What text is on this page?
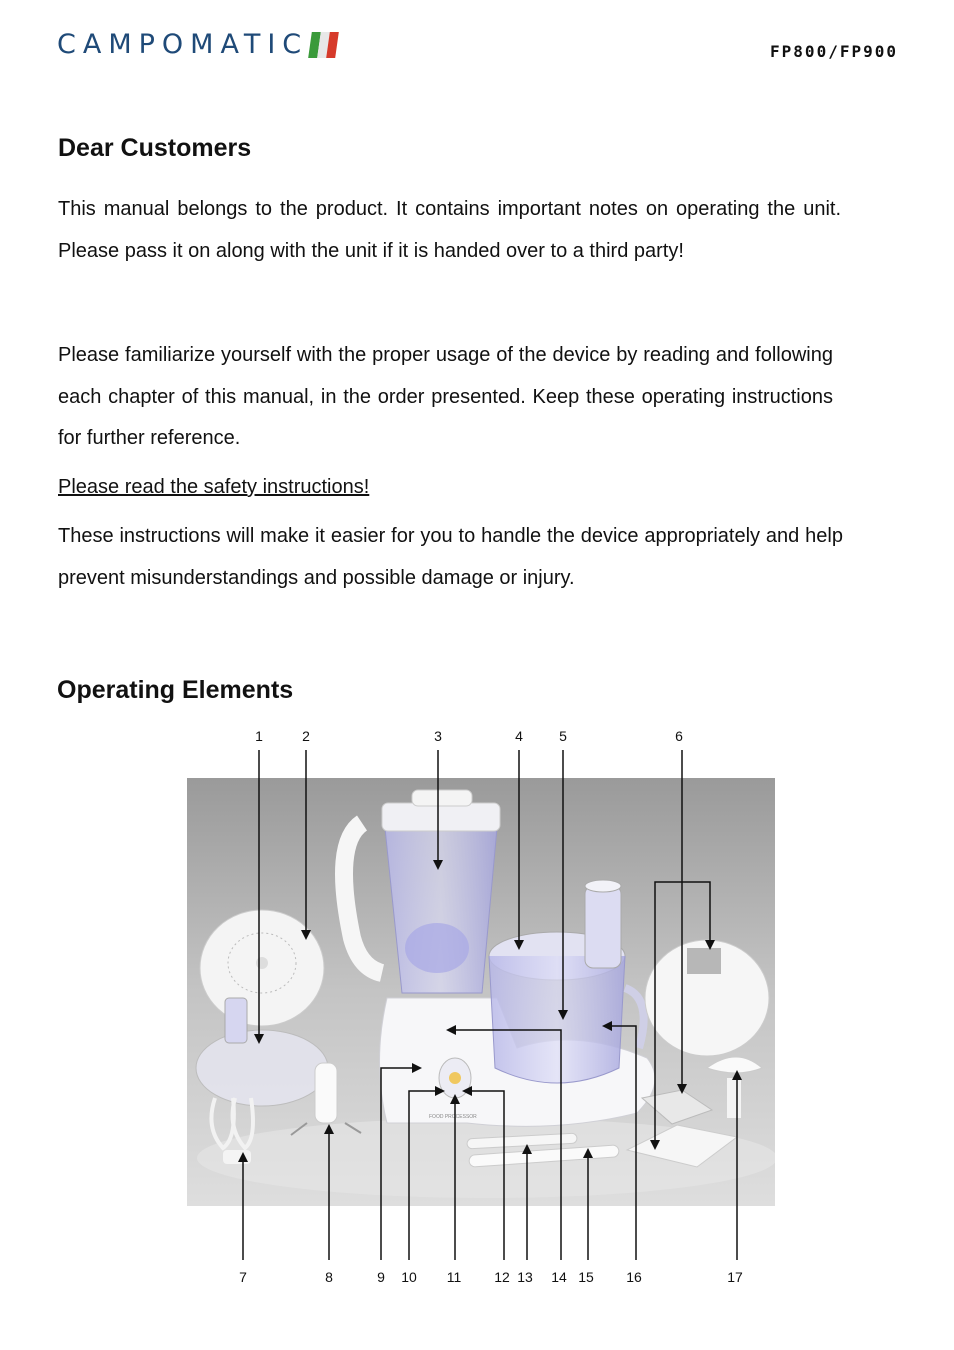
CAMPOMATIC	FP800/FP900
Dear Customers

This manual belongs to the product. It contains important notes on operating the unit. Please pass it on along with the unit if it is handed over to a third party!

Please familiarize yourself with the proper usage of the device by reading and following each chapter of this manual, in the order presented. Keep these operating instructions for further reference.

Please read the safety instructions!

These instructions will make it easier for you to handle the device appropriately and help prevent misunderstandings and possible damage or injury.

Operating Elements
FOOD PROCESSOR
1	2	3	4	5	6
7	8	9 10 11 12 13 14 15 16	17
